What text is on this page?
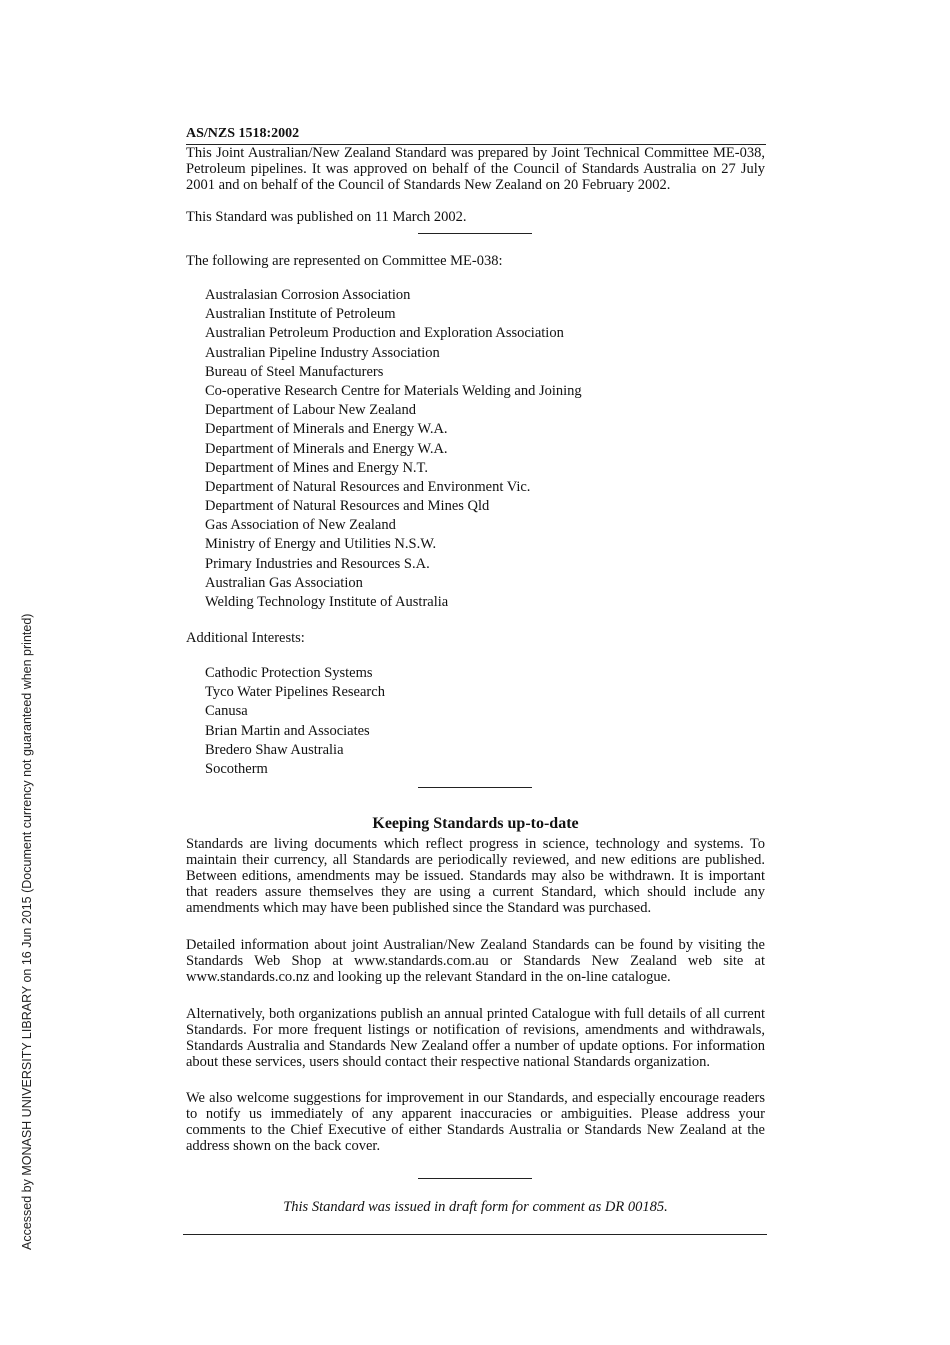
Accessed by MONASH UNIVERSITY LIBRARY on 16 Jun 2015 (Document currency not guaranteed when printed)
AS/NZS 1518:2002

This Joint Australian/New Zealand Standard was prepared by Joint Technical Committee ME-038, Petroleum pipelines. It was approved on behalf of the Council of Standards Australia on 27 July 2001 and on behalf of the Council of Standards New Zealand on 20 February 2002.

This Standard was published on 11 March 2002.

The following are represented on Committee ME-038:

Australasian Corrosion Association
Australian Institute of Petroleum
Australian Petroleum Production and Exploration Association
Australian Pipeline Industry Association
Bureau of Steel Manufacturers
Co-operative Research Centre for Materials Welding and Joining
Department of Labour New Zealand
Department of Minerals and Energy W.A.
Department of Minerals and Energy W.A.
Department of Mines and Energy N.T.
Department of Natural Resources and Environment Vic.
Department of Natural Resources and Mines Qld
Gas Association of New Zealand
Ministry of Energy and Utilities N.S.W.
Primary Industries and Resources S.A.
Australian Gas Association
Welding Technology Institute of Australia

Additional Interests:

Cathodic Protection Systems
Tyco Water Pipelines Research
Canusa
Brian Martin and Associates
Bredero Shaw Australia
Socotherm
Keeping Standards up-to-date

Standards are living documents which reflect progress in science, technology and systems. To maintain their currency, all Standards are periodically reviewed, and new editions are published. Between editions, amendments may be issued. Standards may also be withdrawn. It is important that readers assure themselves they are using a current Standard, which should include any amendments which may have been published since the Standard was purchased.

Detailed information about joint Australian/New Zealand Standards can be found by visiting the Standards Web Shop at www.standards.com.au or Standards New Zealand web site at www.standards.co.nz and looking up the relevant Standard in the on-line catalogue.

Alternatively, both organizations publish an annual printed Catalogue with full details of all current Standards. For more frequent listings or notification of revisions, amendments and withdrawals, Standards Australia and Standards New Zealand offer a number of update options. For information about these services, users should contact their respective national Standards organization.

We also welcome suggestions for improvement in our Standards, and especially encourage readers to notify us immediately of any apparent inaccuracies or ambiguities. Please address your comments to the Chief Executive of either Standards Australia or Standards New Zealand at the address shown on the back cover.

This Standard was issued in draft form for comment as DR 00185.
